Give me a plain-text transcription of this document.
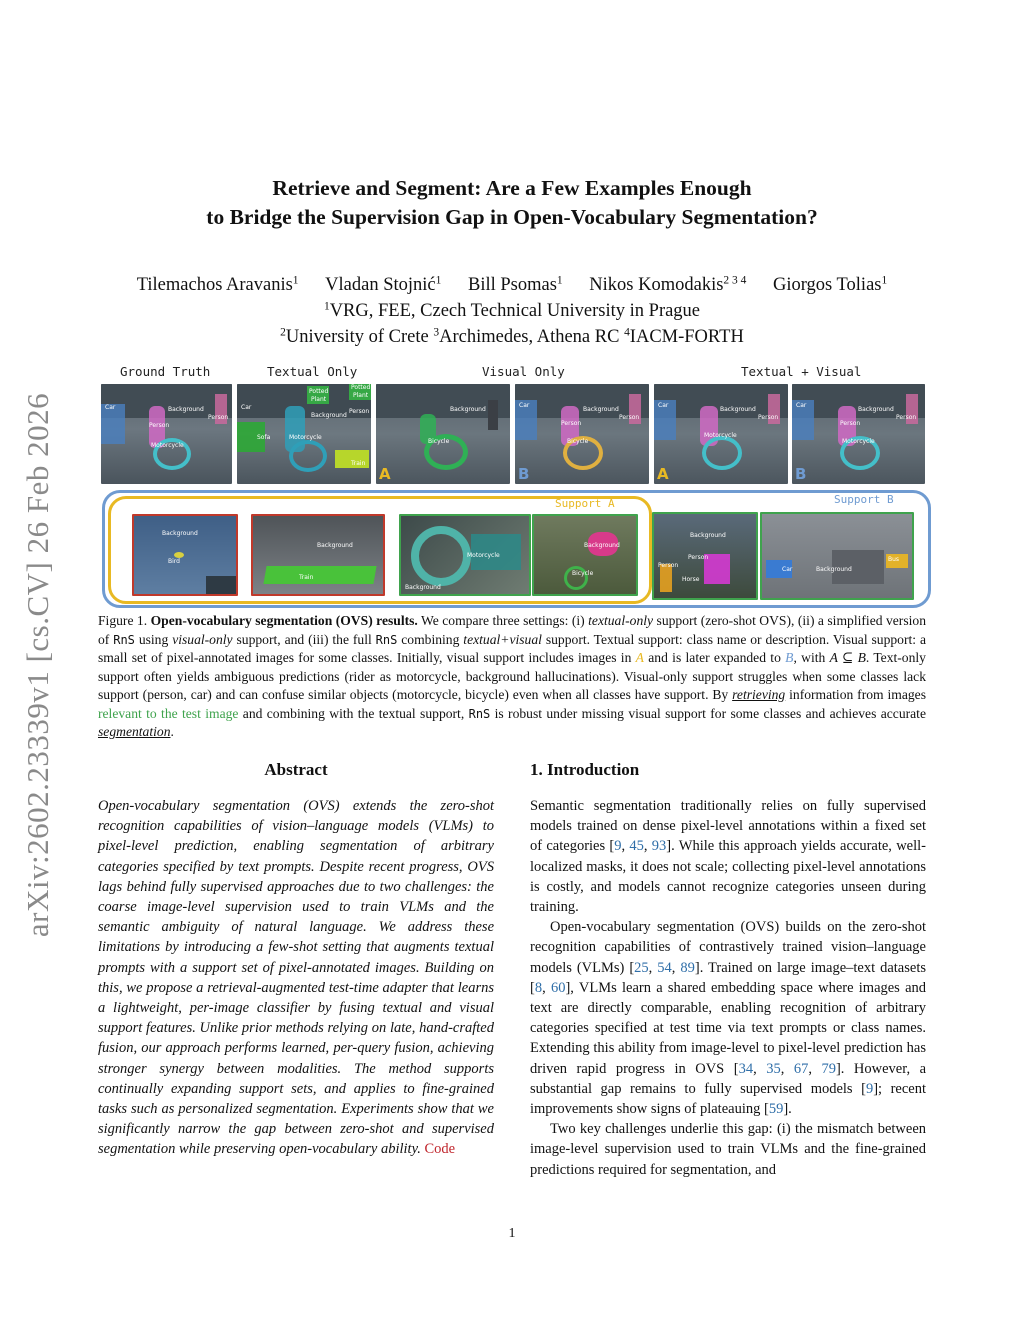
arXiv:2602.23339v1 [cs.CV] 26 Feb 2026
Retrieve and Segment: Are a Few Examples Enough
to Bridge the Supervision Gap in Open-Vocabulary Segmentation?
Tilemachos Aravanis$^1$ Vladan Stojnić$^1$ Bill Psomas$^1$ Nikos Komodakis$^{2 3 4}$ Giorgos Tolias$^1$
$^1$VRG, FEE, Czech Technical University in Prague
$^2$University of Crete $^3$Archimedes, Athena RC $^4$IACM-FORTH
Ground Truth	Textual Only	Visual Only	Textual + Visual
Car	Background
Person
Person
Motorcycle
Car
Potted
Plant
Potted
Plant
Background
Person
Sofa	Motorcycle
Train
Background
Bicycle
A
Car
Background
Person
Person
Bicycle
B
Car
Background
Person
Motorcycle
A
Car
Background
Person
Person
Motorcycle
B
Support A	Support B
Background
Bird
Background
Train
Motorcycle
Background
Background
Bicycle
Background
Person
Person
Horse
Car	Background
Bus
Figure 1. Open-vocabulary segmentation (OVS) results. We compare three settings: (i) textual-only support (zero-shot OVS), (ii) a simplified version of RnS using visual-only support, and (iii) the full RnS combining textual+visual support. Textual support: class name or description. Visual support: a small set of pixel-annotated images for some classes. Initially, visual support includes images in A and is later expanded to B, with A ⊆ B. Text-only support often yields ambiguous predictions (rider as motorcycle, background hallucinations). Visual-only support struggles when some classes lack support (person, car) and can confuse similar objects (motorcycle, bicycle) even when all classes have support. By retrieving information from images relevant to the test image and combining with the textual support, RnS is robust under missing visual support for some classes and achieves accurate segmentation.
Abstract
Open-vocabulary segmentation (OVS) extends the zero-shot recognition capabilities of vision–language models (VLMs) to pixel-level prediction, enabling segmentation of arbitrary categories specified by text prompts. Despite recent progress, OVS lags behind fully supervised approaches due to two challenges: the coarse image-level supervision used to train VLMs and the semantic ambiguity of natural language. We address these limitations by introducing a few-shot setting that augments textual prompts with a support set of pixel-annotated images. Building on this, we propose a retrieval-augmented test-time adapter that learns a lightweight, per-image classifier by fusing textual and visual support features. Unlike prior methods relying on late, hand-crafted fusion, our approach performs learned, per-query fusion, achieving stronger synergy between modalities. The method supports continually expanding support sets, and applies to fine-grained tasks such as personalized segmentation. Experiments show that we significantly narrow the gap between zero-shot and supervised segmentation while preserving open-vocabulary ability. Code
1. Introduction

Semantic segmentation traditionally relies on fully supervised models trained on dense pixel-level annotations within a fixed set of categories [9, 45, 93]. While this approach yields accurate, well-localized masks, it does not scale; collecting pixel-level annotations is costly, and models cannot recognize categories unseen during training.

Open-vocabulary segmentation (OVS) builds on the zero-shot recognition capabilities of contrastively trained vision–language models (VLMs) [25, 54, 89]. Trained on large image–text datasets [8, 60], VLMs learn a shared embedding space where images and text are directly comparable, enabling recognition of arbitrary categories specified at test time via text prompts or class names. Extending this ability from image-level to pixel-level prediction has driven rapid progress in OVS [34, 35, 67, 79]. However, a substantial gap remains to fully supervised models [9]; recent improvements show signs of plateauing [59].

Two key challenges underlie this gap: (i) the mismatch between image-level supervision used to train VLMs and the fine-grained predictions required for segmentation, and

1
